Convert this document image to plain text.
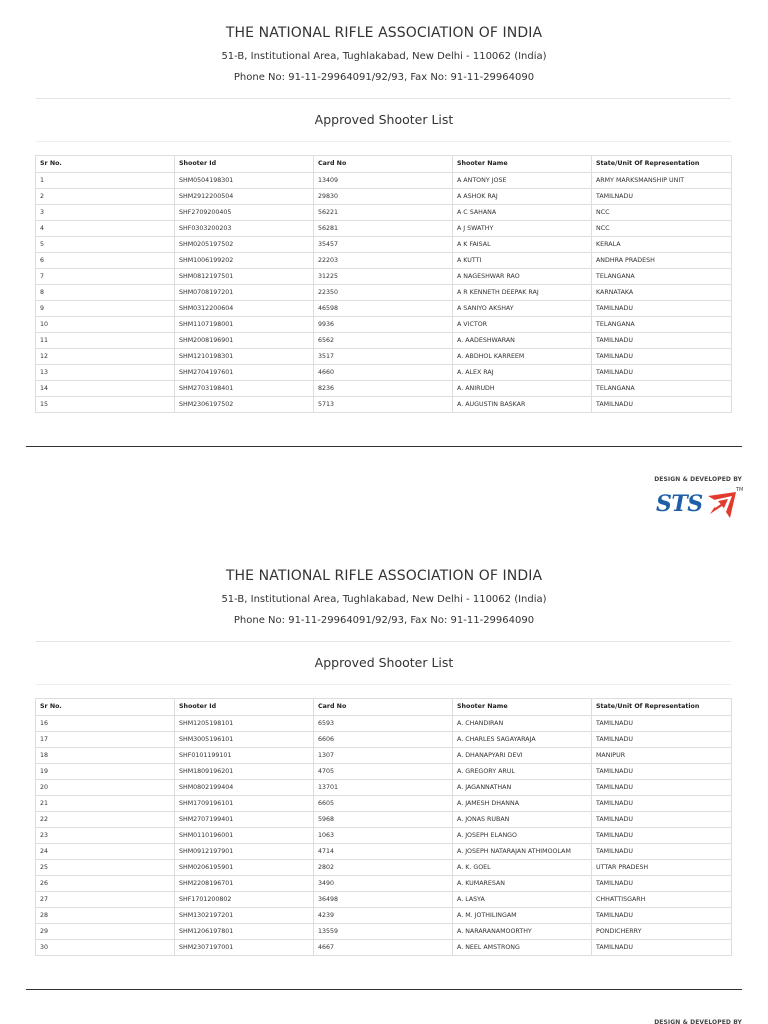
THE NATIONAL RIFLE ASSOCIATION OF INDIA
51-B, Institutional Area, Tughlakabad, New Delhi - 110062 (India)
Phone No: 91-11-29964091/92/93, Fax No: 91-11-29964090
Approved Shooter List
Sr No.	Shooter Id	Card No	Shooter Name	State/Unit Of Representation
1	SHM0504198301	13409	A ANTONY JOSE	ARMY MARKSMANSHIP UNIT
2	SHM2912200504	29830	A ASHOK RAJ	TAMILNADU
3	SHF2709200405	56221	A C SAHANA	NCC
4	SHF0303200203	56281	A J SWATHY	NCC
5	SHM0205197502	35457	A K FAISAL	KERALA
6	SHM1006199202	22203	A KUTTI	ANDHRA PRADESH
7	SHM0812197501	31225	A NAGESHWAR RAO	TELANGANA
8	SHM0708197201	22350	A R KENNETH DEEPAK RAJ	KARNATAKA
9	SHM0312200604	46598	A SANIYO AKSHAY	TAMILNADU
10	SHM1107198001	9936	A VICTOR	TELANGANA
11	SHM2008196901	6562	A. AADESHWARAN	TAMILNADU
12	SHM1210198301	3517	A. ABDHOL KARREEM	TAMILNADU
13	SHM2704197601	4660	A. ALEX RAJ	TAMILNADU
14	SHM2703198401	8236	A. ANIRUDH	TELANGANA
15	SHM2306197502	5713	A. AUGUSTIN BASKAR	TAMILNADU
DESIGN & DEVELOPED BY
STS
TM
THE NATIONAL RIFLE ASSOCIATION OF INDIA
51-B, Institutional Area, Tughlakabad, New Delhi - 110062 (India)
Phone No: 91-11-29964091/92/93, Fax No: 91-11-29964090
Approved Shooter List
Sr No.	Shooter Id	Card No	Shooter Name	State/Unit Of Representation
16	SHM1205198101	6593	A. CHANDIRAN	TAMILNADU
17	SHM3005196101	6606	A. CHARLES SAGAYARAJA	TAMILNADU
18	SHF0101199101	1307	A. DHANAPYARI DEVI	MANIPUR
19	SHM1809196201	4705	A. GREGORY ARUL	TAMILNADU
20	SHM0802199404	13701	A. JAGANNATHAN	TAMILNADU
21	SHM1709196101	6605	A. JAMESH DHANNA	TAMILNADU
22	SHM2707199401	5968	A. JONAS RUBAN	TAMILNADU
23	SHM0110196001	1063	A. JOSEPH ELANGO	TAMILNADU
24	SHM0912197901	4714	A. JOSEPH NATARAJAN ATHIMOOLAM	TAMILNADU
25	SHM0206195901	2802	A. K. GOEL	UTTAR PRADESH
26	SHM2208196701	3490	A. KUMARESAN	TAMILNADU
27	SHF1701200802	36498	A. LASYA	CHHATTISGARH
28	SHM1302197201	4239	A. M. JOTHILINGAM	TAMILNADU
29	SHM1206197801	13559	A. NARARANAMOORTHY	PONDICHERRY
30	SHM2307197001	4667	A. NEEL AMSTRONG	TAMILNADU
DESIGN & DEVELOPED BY
